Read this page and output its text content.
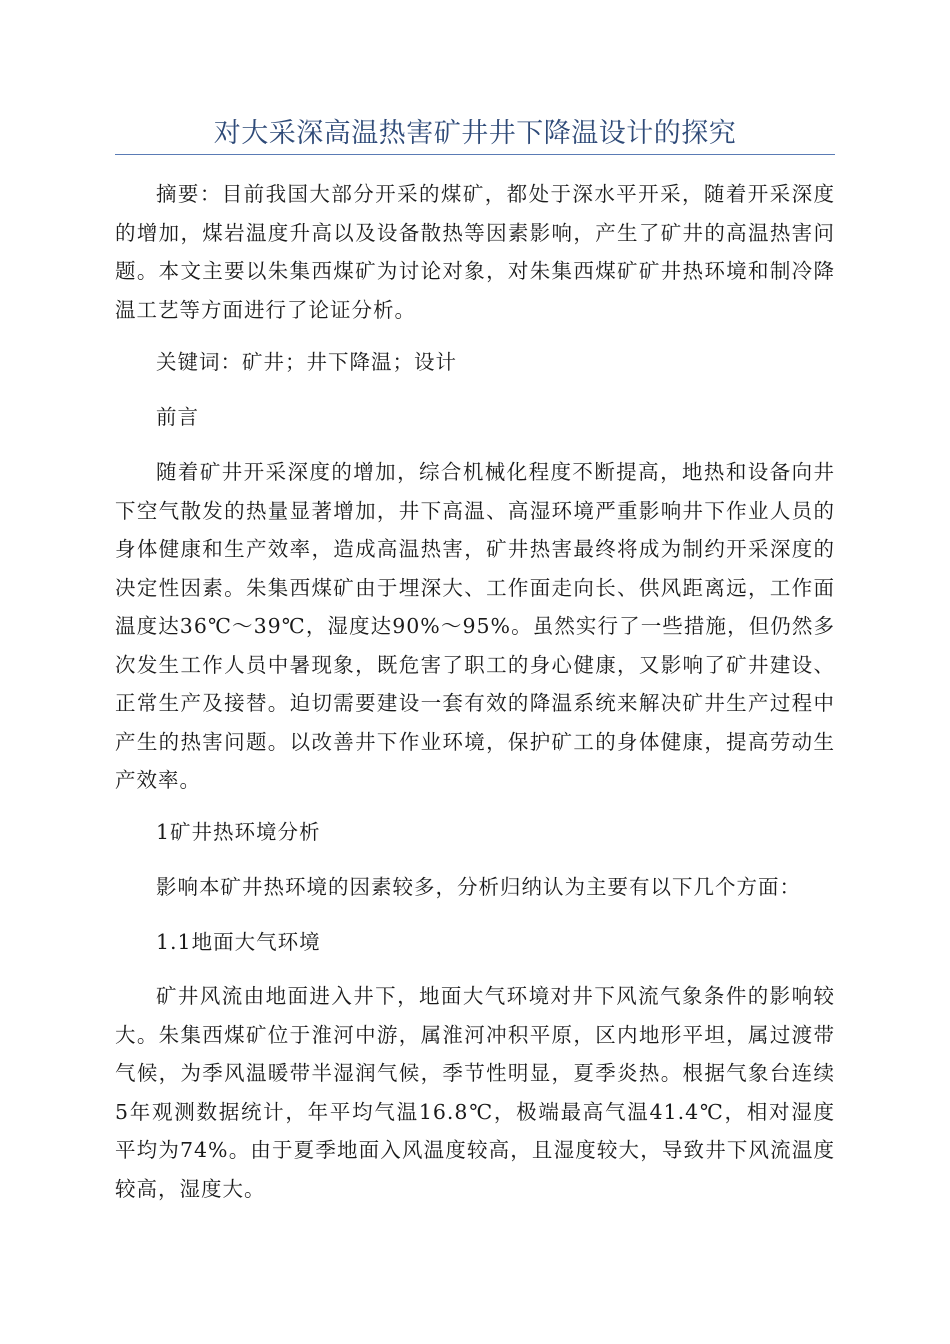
对大采深高温热害矿井井下降温设计的探究

摘要：目前我国大部分开采的煤矿，都处于深水平开采，随着开采深度的增加，煤岩温度升高以及设备散热等因素影响，产生了矿井的高温热害问题。本文主要以朱集西煤矿为讨论对象，对朱集西煤矿矿井热环境和制冷降温工艺等方面进行了论证分析。

关键词：矿井；井下降温；设计

前言

随着矿井开采深度的增加，综合机械化程度不断提高，地热和设备向井下空气散发的热量显著增加，井下高温、高湿环境严重影响井下作业人员的身体健康和生产效率，造成高温热害，矿井热害最终将成为制约开采深度的决定性因素。朱集西煤矿由于埋深大、工作面走向长、供风距离远，工作面温度达36℃～39℃，湿度达90%～95%。虽然实行了一些措施，但仍然多次发生工作人员中暑现象，既危害了职工的身心健康，又影响了矿井建设、正常生产及接替。迫切需要建设一套有效的降温系统来解决矿井生产过程中产生的热害问题。以改善井下作业环境，保护矿工的身体健康，提高劳动生产效率。

1矿井热环境分析

影响本矿井热环境的因素较多，分析归纳认为主要有以下几个方面：

1.1地面大气环境

矿井风流由地面进入井下，地面大气环境对井下风流气象条件的影响较大。朱集西煤矿位于淮河中游，属淮河冲积平原，区内地形平坦，属过渡带气候，为季风温暖带半湿润气候，季节性明显，夏季炎热。根据气象台连续5年观测数据统计，年平均气温16.8℃，极端最高气温41.4℃，相对湿度平均为74%。由于夏季地面入风温度较高，且湿度较大，导致井下风流温度较高，湿度大。
